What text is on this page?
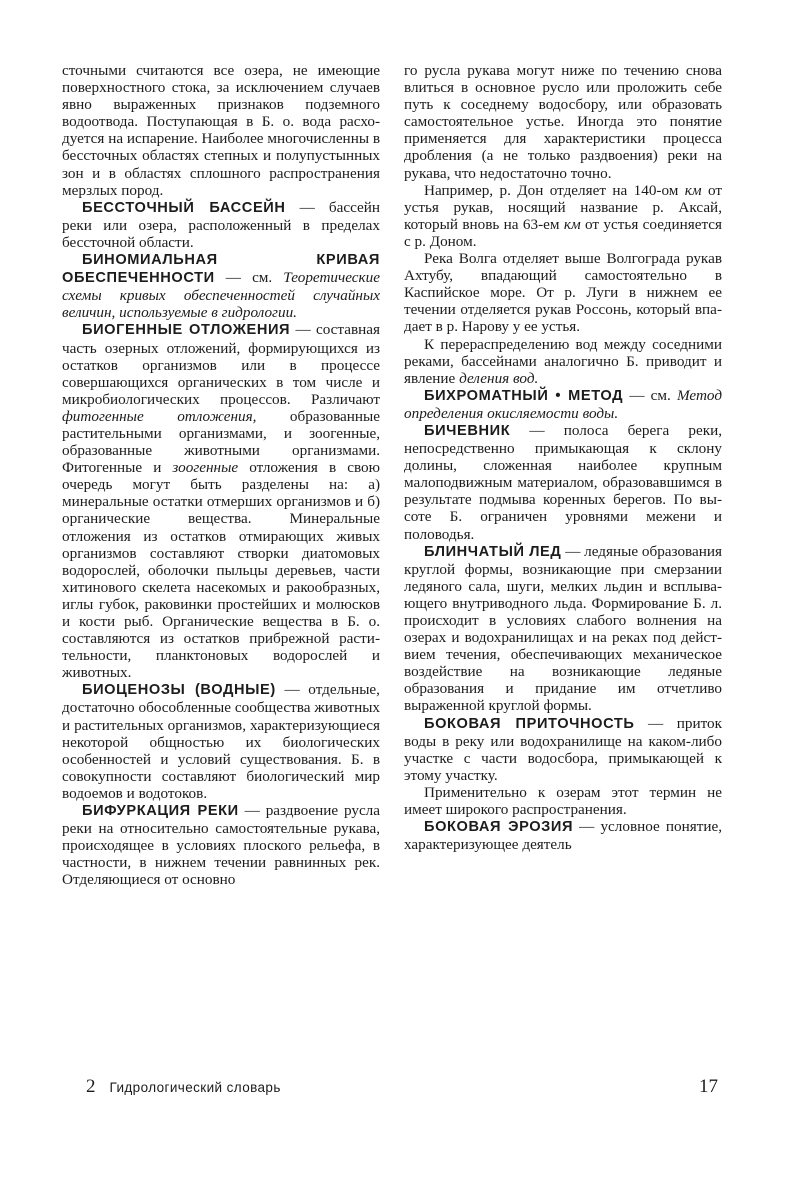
сточными считаются все озера, не имеющие поверхностного стока, за исключением случаев явно выраженных признаков подземного водоотвода. Поступающая в Б. о. вода расходуется на испарение. Наиболее многочисленны в бессточных областях степных и полупустынных зон и в областях сплошного распространения мерзлых пород.

БЕССТОЧНЫЙ БАССЕЙН — бассейн реки или озера, расположенный в пределах бессточной области.

БИНОМИАЛЬНАЯ КРИВАЯ ОБЕСПЕЧЕННОСТИ — см. Теоретические схемы кривых обеспеченностей случайных величин, используемые в гидрологии.

БИОГЕННЫЕ ОТЛОЖЕНИЯ — составная часть озерных отложений, формирующихся из остатков организмов или в процессе совершающихся органических в том числе и микробиологических процессов. Различают фитогенные отложения, образованные растительными организмами, и зоогенные, образованные животными организмами. Фитогенные и зоогенные отложения в свою очередь могут быть разделены на: а) минеральные остатки отмерших организмов и б) органические вещества. Минеральные отложения из остатков отмирающих живых организмов составляют створки диатомовых водорослей, оболочки пыльцы деревьев, части хитинового скелета насекомых и ракообразных, иглы губок, раковинки простейших и молюсков и кости рыб. Органические вещества в Б. о. составляются из остатков прибрежной растительности, планктоновых водорослей и животных.

БИОЦЕНОЗЫ (ВОДНЫЕ) — отдельные, достаточно обособленные сообщества животных и растительных организмов, характеризующиеся некоторой общностью их биологических особенностей и условий существования. Б. в совокупности составляют биологический мир водоемов и водотоков.

БИФУРКАЦИЯ РЕКИ — раздвоение русла реки на относительно самостоятельные рукава, происходящее в условиях плоского рельефа, в частности, в нижнем течении равнинных рек. Отделяющиеся от основно

го русла рукава могут ниже по течению снова влиться в основное русло или проложить себе путь к соседнему водосбору, или образовать самостоятельное устье. Иногда это понятие применяется для характеристики процесса дробления (а не только раздвоения) реки на рукава, что недостаточно точно.

Например, р. Дон отделяет на 140-ом км от устья рукав, носящий название р. Аксай, который вновь на 63-ем км от устья соединяется с р. Доном.

Река Волга отделяет выше Волгограда рукав Ахтубу, впадающий самостоятельно в Каспийское море. От р. Луги в нижнем ее течении отделяется рукав Россонь, который впадает в р. Нарову у ее устья.

К перераспределению вод между соседними реками, бассейнами аналогично Б. приводит и явление деления вод.

БИХРОМАТНЫЙ • МЕТОД — см. Метод определения окисляемости воды.

БИЧЕВНИК — полоса берега реки, непосредственно примыкающая к склону долины, сложенная наиболее крупным малоподвижным материалом, образовавшимся в результате подмыва коренных берегов. По высоте Б. ограничен уровнями межени и половодья.

БЛИНЧАТЫЙ ЛЕД — ледяные образования круглой формы, возникающие при смерзании ледяного сала, шуги, мелких льдин и всплывающего внутриводного льда. Формирование Б. л. происходит в условиях слабого волнения на озерах и водохранилищах и на реках под действием течения, обеспечивающих механическое воздействие на возникающие ледяные образования и придание им отчетливо выраженной круглой формы.

БОКОВАЯ ПРИТОЧНОСТЬ — приток воды в реку или водохранилище на каком-либо участке с части водосбора, примыкающей к этому участку.

Применительно к озерам этот термин не имеет широкого распространения.

БОКОВАЯ ЭРОЗИЯ — условное понятие, характеризующее деятель

2 Гидрологический словарь	17
